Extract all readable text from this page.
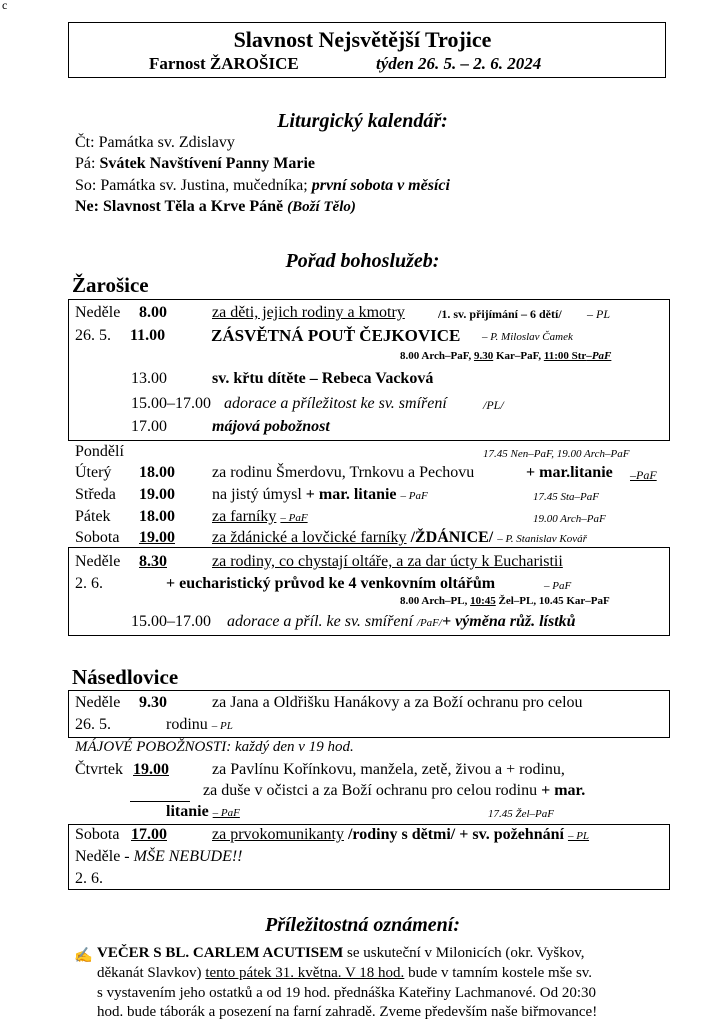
c
Slavnost Nejsvětější Trojice
Farnost ŽAROŠICE	týden 26. 5. – 2. 6. 2024
Liturgický kalendář:
Čt: Památka sv. Zdislavy
Pá: Svátek Navštívení Panny Marie
So: Památka sv. Justina, mučedníka; první sobota v měsíci
Ne: Slavnost Těla a Krve Páně (Boží Tělo)
Pořad bohoslužeb:
Žarošice
Neděle 8.00	za děti, jejich rodiny a kmotry	/1. sv. přijímání – 6 dětí/ – PL
26. 5. 11.00	ZÁSVĚTNÁ POUŤ ČEJKOVICE – P. Miloslav Čamek
8.00 Arch–PaF, 9.30 Kar–PaF, 11:00 Str–PaF
13.00	sv. křtu dítěte – Rebeca Vacková
15.00–17.00 adorace a příležitost ke sv. smíření	/PL/
17.00	májová pobožnost
Pondělí	17.45 Nen–PaF, 19.00 Arch–PaF
Úterý 18.00 za rodinu Šmerdovu, Trnkovu a Pechovu	+ mar.litanie –PaF
Středa 19.00 na jistý úmysl + mar. litanie – PaF	17.45 Sta–PaF
Pátek 18.00 za farníky – PaF	19.00 Arch–PaF
Sobota 19.00 za ždánické a lovčické farníky /ŽDÁNICE/ – P. Stanislav Kovář
Neděle 8.30	za rodiny, co chystají oltáře, a za dar úcty k Eucharistii
2. 6.	+ eucharistický průvod ke 4 venkovním oltářům	– PaF
8.00 Arch–PL, 10:45 Žel–PL, 10.45 Kar–PaF
15.00–17.00 adorace a příl. ke sv. smíření /PaF/+ výměna růž. lístků
Násedlovice
Neděle 9.30	za Jana a Oldřišku Hanákovy a za Boží ochranu pro celou
26. 5.	rodinu – PL
MÁJOVÉ POBOŽNOSTI: každý den v 19 hod.
Čtvrtek 19.00	za Pavlínu Kořínkovu, manžela, zetě, živou a + rodinu,
za duše v očistci a za Boží ochranu pro celou rodinu + mar.
litanie – PaF	17.45 Žel–PaF
Sobota 17.00	za prvokomunikanty /rodiny s dětmi/ + sv. požehnání – PL
Neděle - MŠE NEBUDE!!
2. 6.
Příležitostná oznámení:
✍ VEČER S BL. CARLEM ACUTISEM se uskuteční v Milonicích (okr. Vyškov,
děkanát Slavkov) tento pátek 31. května. V 18 hod. bude v tamním kostele mše sv.
s vystavením jeho ostatků a od 19 hod. přednáška Kateřiny Lachmanové. Od 20:30
hod. bude táborák a posezení na farní zahradě. Zveme především naše biřmovance!
